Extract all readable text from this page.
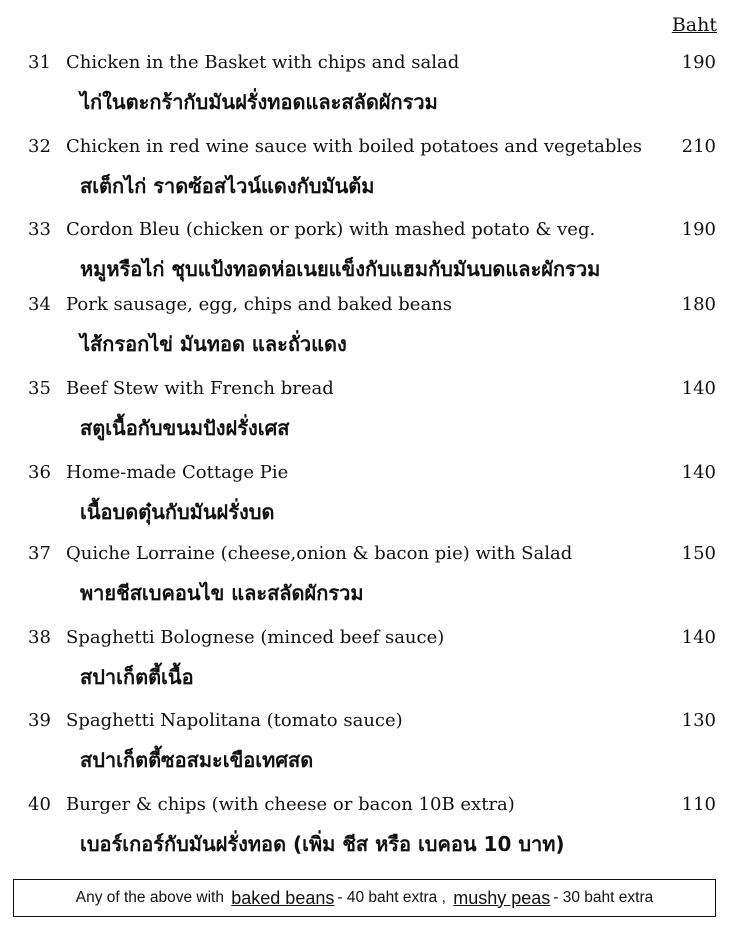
Baht
31 Chicken in the Basket with chips and salad	190
ไก่ในตะกร้ากับมันฝรั่งทอดและสลัดผักรวม
32 Chicken in red wine sauce with boiled potatoes and vegetables 210
สเต็กไก่ ราดซ้อสไวน์แดงกับมันต้ม
33 Cordon Bleu (chicken or pork) with mashed potato & veg.	190
หมูหรือไก่ ชุบแป้งทอดห่อเนยแข็งกับแฮมกับมันบดและผักรวม
34 Pork sausage, egg, chips and baked beans	180
ไส้กรอกไข่ มันทอด และถั่วแดง
35 Beef Stew with French bread	140
สตูเนื้อกับขนมปังฝรั่งเศส
36 Home-made Cottage Pie	140
เนื้อบดตุ๋นกับมันฝรั่งบด
37 Quiche Lorraine (cheese,onion & bacon pie) with Salad	150
พายชีสเบคอนไข และสลัดผักรวม
38 Spaghetti Bolognese (minced beef sauce)	140
สปาเก็ตตี้เนื้อ
39 Spaghetti Napolitana (tomato sauce)	130
สปาเก็ตตี้ซอสมะเขือเทศสด
40 Burger & chips (with cheese or bacon 10B extra)	110
เบอร์เกอร์กับมันฝรั่งทอด (เพิ่ม ชีส หรือ เบคอน 10 บาท)
Any of the above with
baked beans - 40 baht extra ,
mushy peas - 30 baht extra
